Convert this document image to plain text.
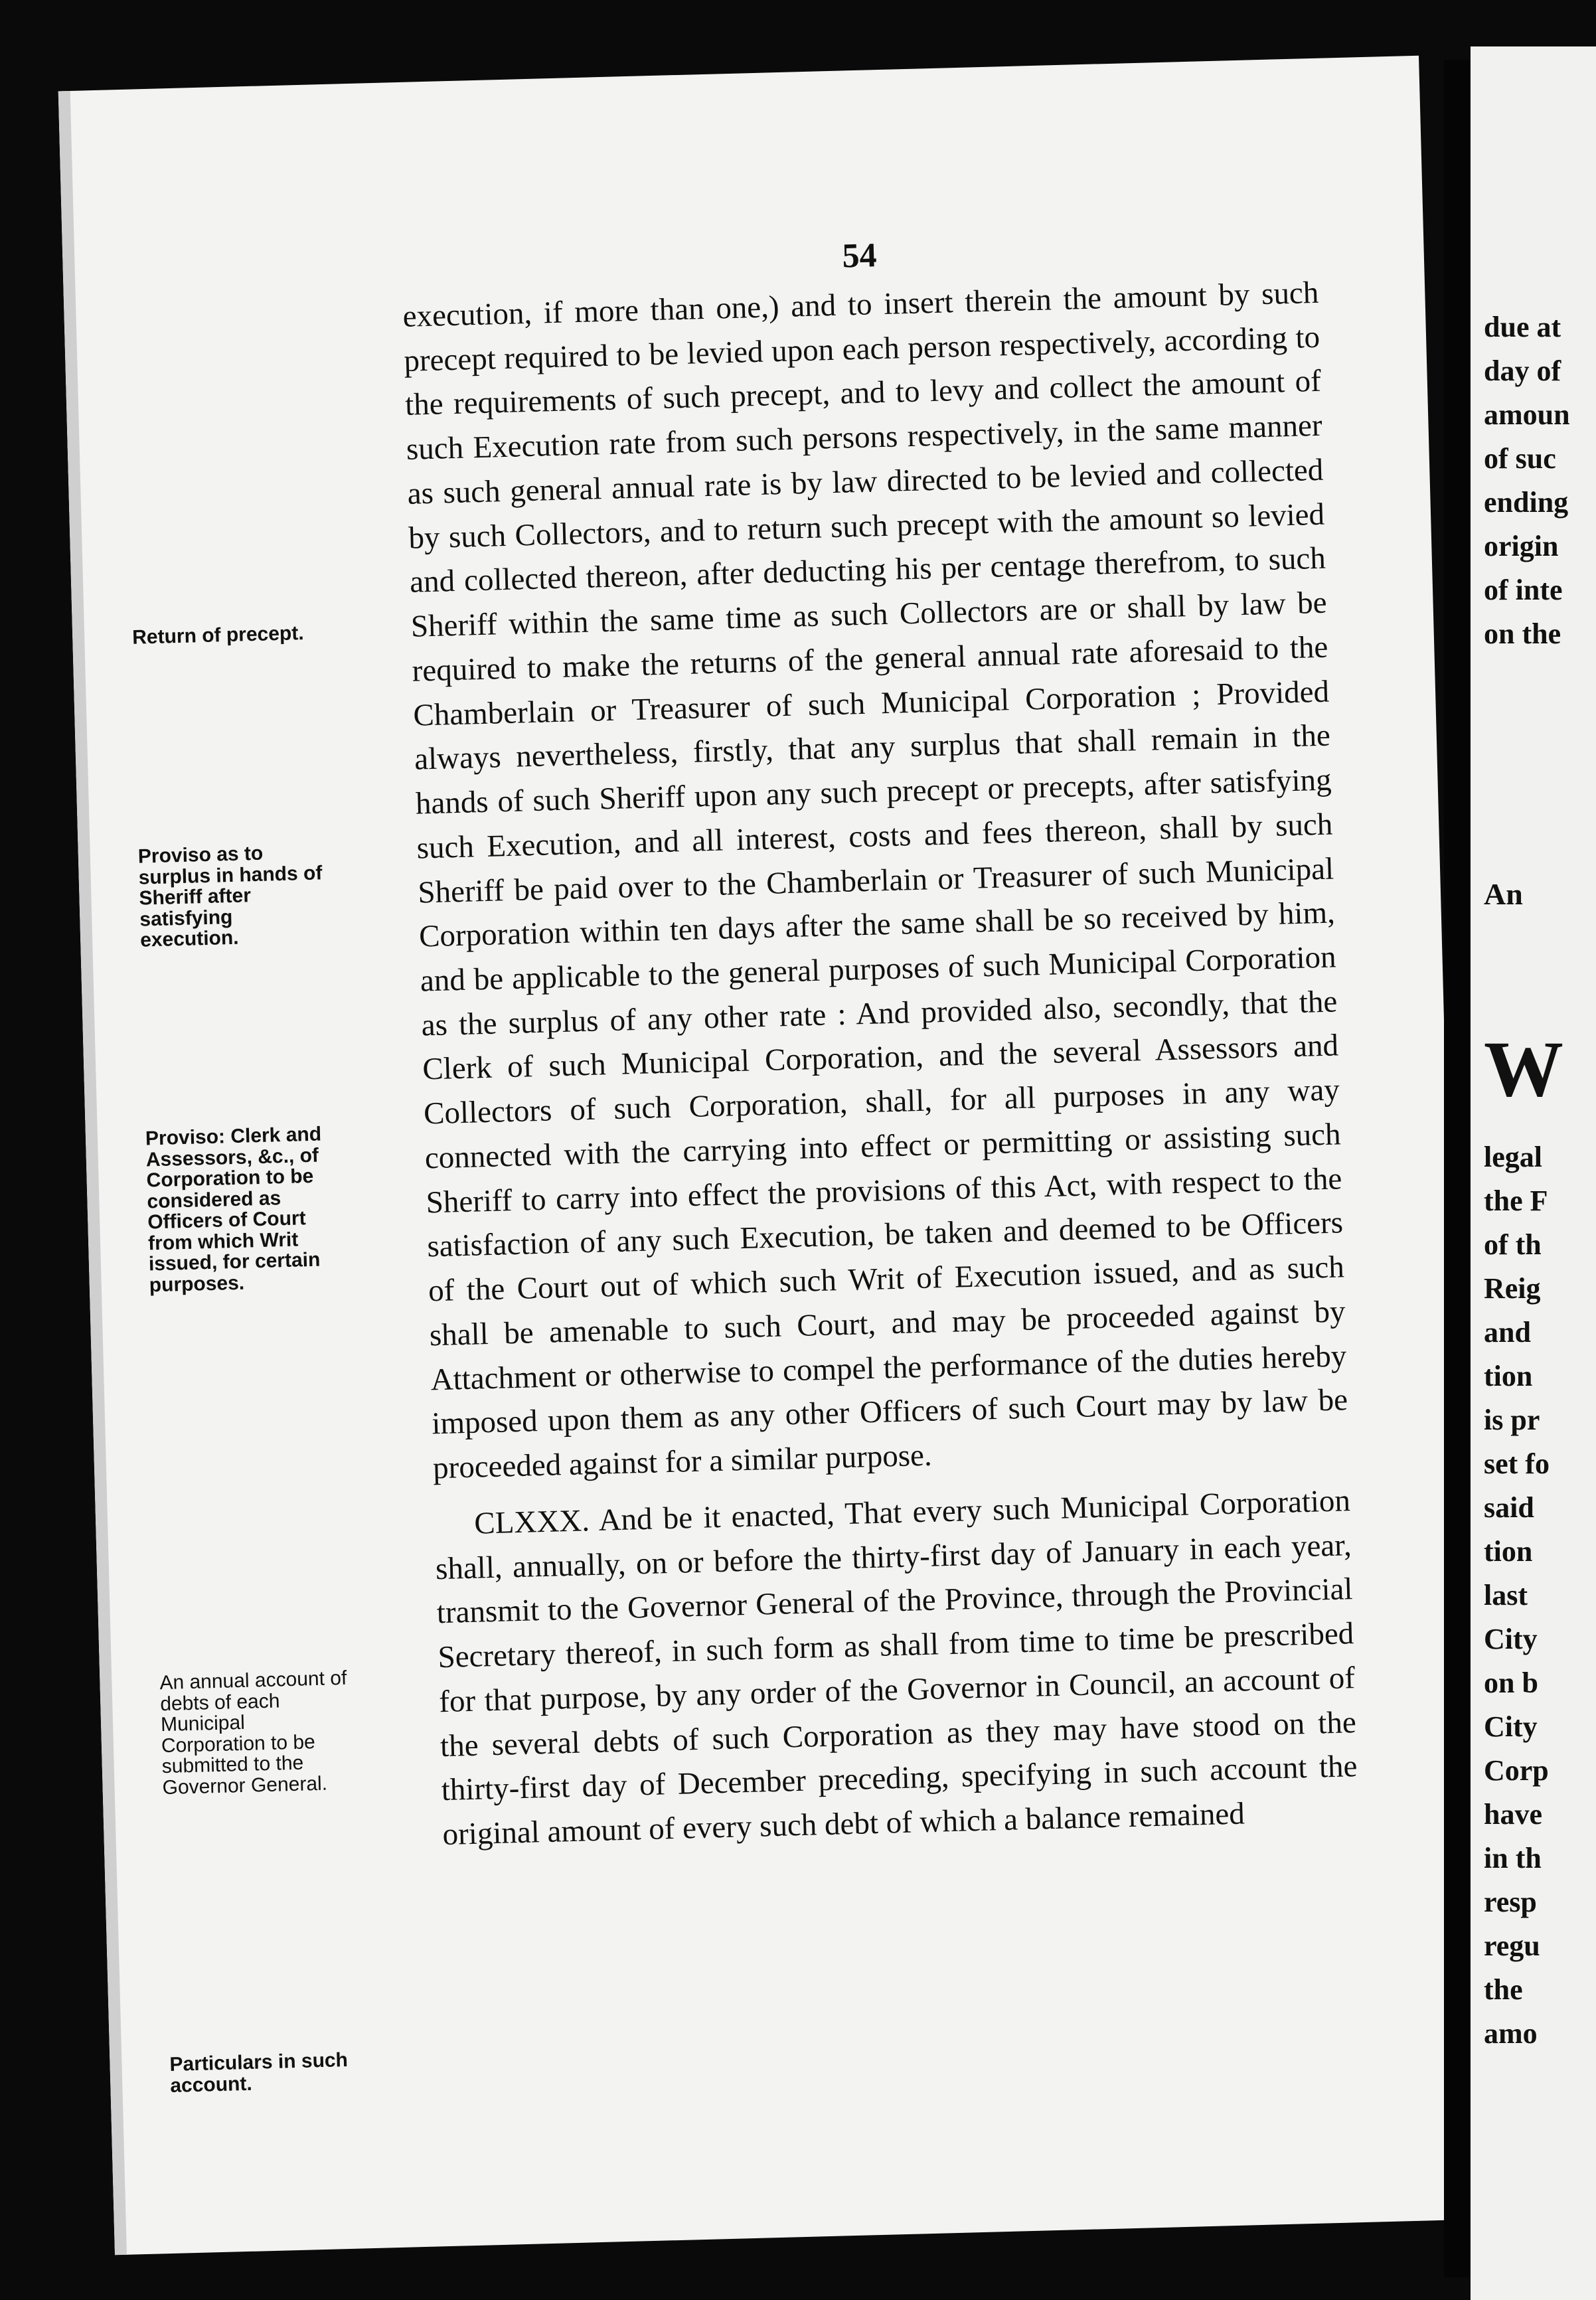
54
Return of precept.
Proviso as to surplus in hands of Sheriff after satisfying execution.
Proviso: Clerk and Assessors, &c., of Corporation to be considered as Officers of Court from which Writ issued, for certain purposes.
An annual account of debts of each Municipal Corporation to be submitted to the Governor General.
Particulars in such account.

execution, if more than one,) and to insert therein the amount by such precept required to be levied upon each person respectively, according to the requirements of such precept, and to levy and collect the amount of such Execution rate from such persons respectively, in the same manner as such general annual rate is by law directed to be levied and collected by such Collectors, and to return such precept with the amount so levied and collected thereon, after deducting his per centage therefrom, to such Sheriff within the same time as such Collectors are or shall by law be required to make the returns of the general annual rate aforesaid to the Chamberlain or Treasurer of such Municipal Corporation ; Provided always nevertheless, firstly, that any surplus that shall remain in the hands of such Sheriff upon any such precept or precepts, after satisfying such Execution, and all interest, costs and fees thereon, shall by such Sheriff be paid over to the Chamberlain or Treasurer of such Municipal Corporation within ten days after the same shall be so received by him, and be applicable to the general purposes of such Municipal Corporation as the surplus of any other rate : And provided also, secondly, that the Clerk of such Municipal Corporation, and the several Assessors and Collectors of such Corporation, shall, for all purposes in any way connected with the carrying into effect or permitting or assisting such Sheriff to carry into effect the provisions of this Act, with respect to the satisfaction of any such Execution, be taken and deemed to be Officers of the Court out of which such Writ of Execution issued, and as such shall be amenable to such Court, and may be proceeded against by Attachment or otherwise to compel the performance of the duties hereby imposed upon them as any other Officers of such Court may by law be proceeded against for a similar purpose.

CLXXX. And be it enacted, That every such Municipal Corporation shall, annually, on or before the thirty-first day of January in each year, transmit to the Governor General of the Province, through the Provincial Secretary thereof, in such form as shall from time to time be prescribed for that purpose, by any order of the Governor in Council, an account of the several debts of such Corporation as they may have stood on the thirty-first day of December preceding, specifying in such account the original amount of every such debt of which a balance remained

due at
day of
amoun
of suc
ending
origin
of inte
on the
An
W
legal
the F
of th
Reig
and
tion
is pr
set fo
said
tion
last
City
on b
City
Corp
have
in th
resp
regu
the
amo
